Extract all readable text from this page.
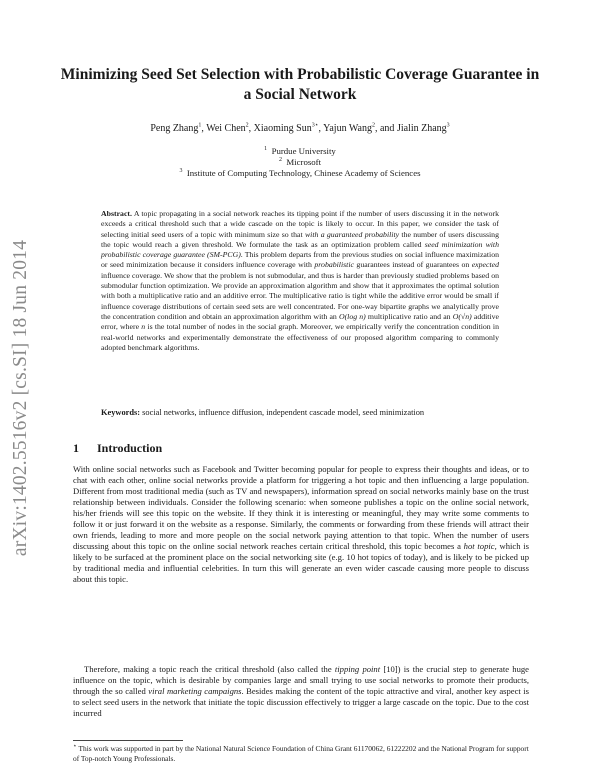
arXiv:1402.5516v2 [cs.SI] 18 Jun 2014
Minimizing Seed Set Selection with Probabilistic Coverage Guarantee in a Social Network
Peng Zhang$^1$, Wei Chen$^2$, Xiaoming Sun$^{3⋆}$, Yajun Wang$^2$, and Jialin Zhang$^3$
$^1$ Purdue University
$^2$ Microsoft
$^3$ Institute of Computing Technology, Chinese Academy of Sciences
Abstract. A topic propagating in a social network reaches its tipping point if the number of users discussing it in the network exceeds a critical threshold such that a wide cascade on the topic is likely to occur. In this paper, we consider the task of selecting initial seed users of a topic with minimum size so that with a guaranteed probability the number of users discussing the topic would reach a given threshold. We formulate the task as an optimization problem called seed minimization with probabilistic coverage guarantee (SM-PCG). This problem departs from the previous studies on social influence maximization or seed minimization because it considers influence coverage with probabilistic guarantees instead of guarantees on expected influence coverage. We show that the problem is not submodular, and thus is harder than previously studied problems based on submodular function optimization. We provide an approximation algorithm and show that it approximates the optimal solution with both a multiplicative ratio and an additive error. The multiplicative ratio is tight while the additive error would be small if influence coverage distributions of certain seed sets are well concentrated. For one-way bipartite graphs we analytically prove the concentration condition and obtain an approximation algorithm with an O(log n) multiplicative ratio and an O(√n) additive error, where n is the total number of nodes in the social graph. Moreover, we empirically verify the concentration condition in real-world networks and experimentally demonstrate the effectiveness of our proposed algorithm comparing to commonly adopted benchmark algorithms.
Keywords: social networks, influence diffusion, independent cascade model, seed minimization
1 Introduction
With online social networks such as Facebook and Twitter becoming popular for people to express their thoughts and ideas, or to chat with each other, online social networks provide a platform for triggering a hot topic and then influencing a large population. Different from most traditional media (such as TV and newspapers), information spread on social networks mainly base on the trust relationship between individuals. Consider the following scenario: when someone publishes a topic on the online social network, his/her friends will see this topic on the website. If they think it is interesting or meaningful, they may write some comments to follow it or just forward it on the website as a response. Similarly, the comments or forwarding from these friends will attract their own friends, leading to more and more people on the social network paying attention to that topic. When the number of users discussing about this topic on the online social network reaches certain critical threshold, this topic becomes a hot topic, which is likely to be surfaced at the prominent place on the social networking site (e.g. 10 hot topics of today), and is likely to be picked up by traditional media and influential celebrities. In turn this will generate an even wider cascade causing more people to discuss about this topic.
Therefore, making a topic reach the critical threshold (also called the tipping point [10]) is the crucial step to generate huge influence on the topic, which is desirable by companies large and small trying to use social networks to promote their products, through the so called viral marketing campaigns. Besides making the content of the topic attractive and viral, another key aspect is to select seed users in the network that initiate the topic discussion effectively to trigger a large cascade on the topic. Due to the cost incurred
⋆ This work was supported in part by the National Natural Science Foundation of China Grant 61170062, 61222202 and the National Program for support of Top-notch Young Professionals.
